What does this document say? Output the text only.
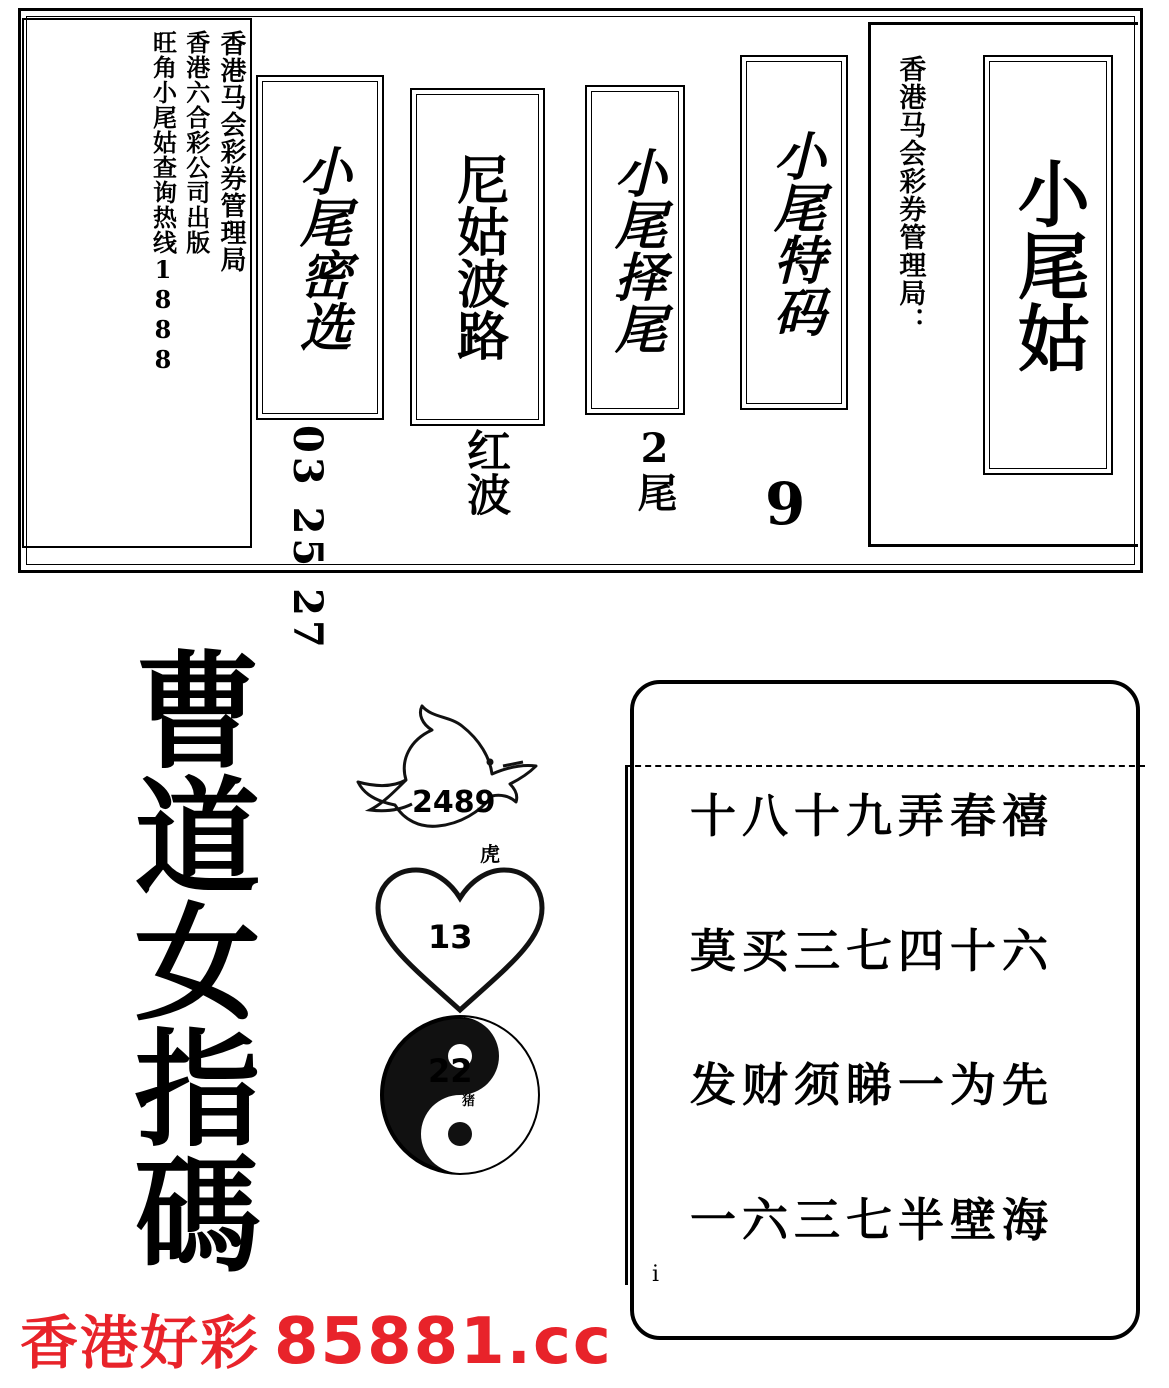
香港马会彩券管理局
香港六合彩公司出版
旺角小尾姑查询热线1888 小尾密选
03 25 27
尼姑波路
红波
小尾择尾
2尾
小尾特码
9
香港马会彩券管理局： 小尾姑
曹道女指碼	2489
虎
13
22
猪
十八十九弄春禧
莫买三七四十六
发财须睇一为先
一六三七半壁海
i
香港好彩 85881.cc
